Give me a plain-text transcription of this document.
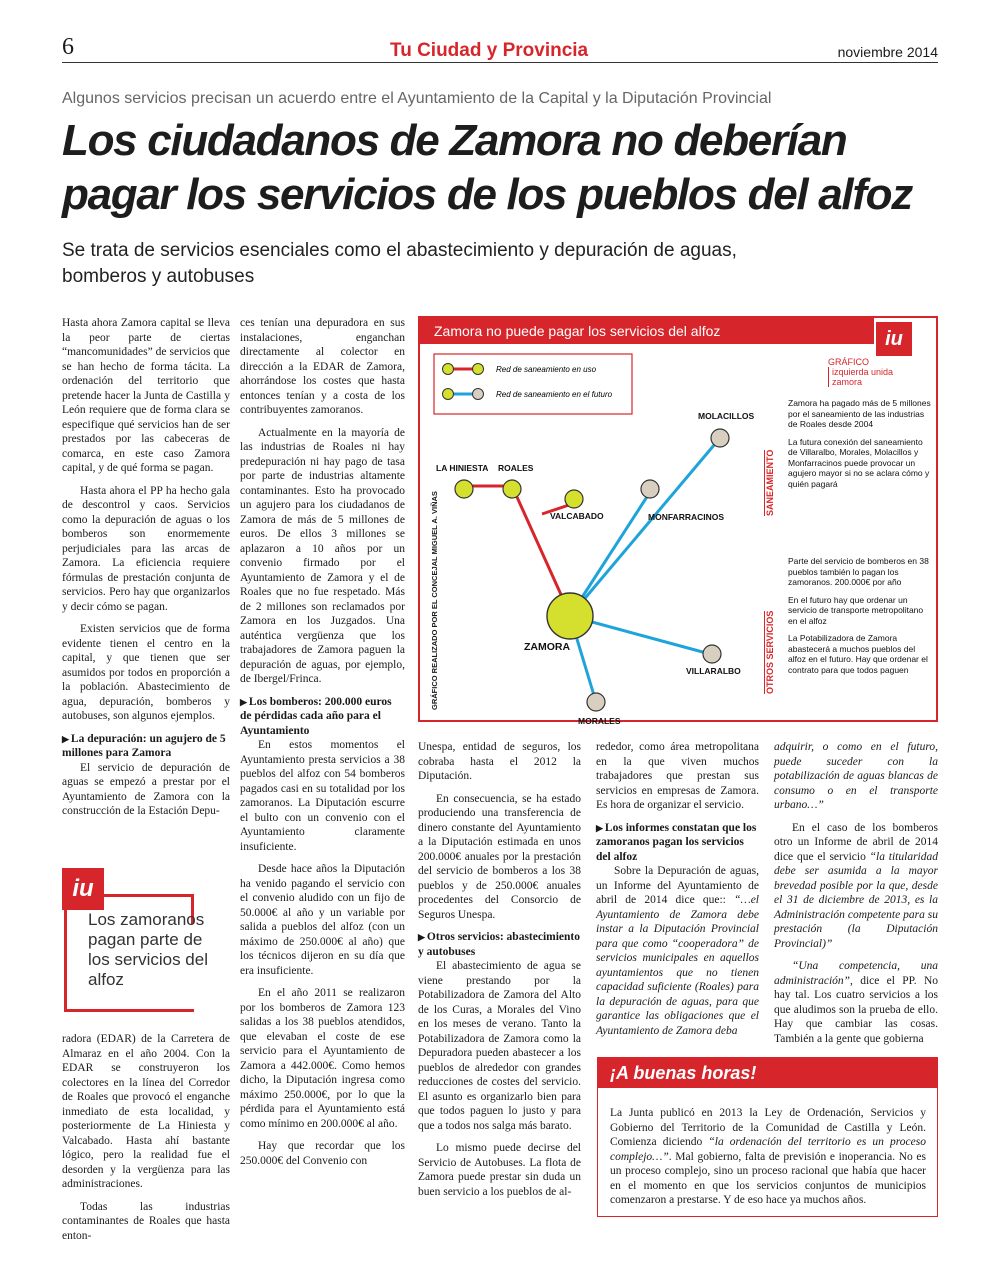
6	Tu Ciudad y Provincia	noviembre 2014
Algunos servicios precisan un acuerdo entre el Ayuntamiento de la Capital y la Diputación Provincial
Los ciudadanos de Zamora no deberían pagar los servicios de los pueblos del alfoz
Se trata de servicios esenciales como el abastecimiento y depuración de aguas, bomberos y autobuses

Hasta ahora Zamora capital se lleva la peor parte de ciertas “mancomunidades” de servicios que se han hecho de forma tácita. La ordenación del territorio que pretende hacer la Junta de Castilla y León requiere que de forma clara se especifique qué servicios han de ser prestados por las cabeceras de comarca, en este caso Zamora capital, y de qué forma se pagan.

Hasta ahora el PP ha hecho gala de descontrol y caos. Servicios como la depuración de aguas o los bomberos son enormemente perjudiciales para las arcas de Zamora. La eficiencia requiere fórmulas de prestación conjunta de servicios. Pero hay que organizarlos y decir cómo se pagan.

Existen servicios que de forma evidente tienen el centro en la capital, y que tienen que ser asumidos por todos en proporción a la población. Abastecimiento de agua, depuración, bomberos y autobuses, son algunos ejemplos.

▶ La depuración: un agujero de 5 millones para Zamora

El servicio de depuración de aguas se empezó a prestar por el Ayuntamiento de Zamora con la construcción de la Estación Depu-

iu
Los zamoranos pagan parte de los servicios del alfoz

radora (EDAR) de la Carretera de Almaraz en el año 2004. Con la EDAR se construyeron los colectores en la línea del Corredor de Roales que provocó el enganche inmediato de esta localidad, y posteriormente de La Hiniesta y Valcabado. Hasta ahí bastante lógico, pero la realidad fue el desorden y la vergüenza para las administraciones.

Todas las industrias contaminantes de Roales que hasta enton-

ces tenían una depuradora en sus instalaciones, enganchan directamente al colector en dirección a la EDAR de Zamora, ahorrándose los costes que hasta entonces tenían y a costa de los contribuyentes zamoranos.

Actualmente en la mayoría de las industrias de Roales ni hay predepuración ni hay pago de tasa por parte de industrias altamente contaminantes. Esto ha provocado un agujero para los ciudadanos de Zamora de más de 5 millones de euros. De ellos 3 millones se aplazaron a 10 años por un convenio firmado por el Ayuntamiento de Zamora y el de Roales que no fue respetado. Más de 2 millones son reclamados por Zamora en los Juzgados. Una auténtica vergüenza que los trabajadores de Zamora paguen la depuración de aguas, por ejemplo, de Ibergel/Frinca.

▶ Los bomberos: 200.000 euros de pérdidas cada año para el Ayuntamiento

En estos momentos el Ayuntamiento presta servicios a 38 pueblos del alfoz con 54 bomberos pagados casi en su totalidad por los zamoranos. La Diputación escurre el bulto con un convenio con el Ayuntamiento claramente insuficiente.

Desde hace años la Diputación ha venido pagando el servicio con el convenio aludido con un fijo de 50.000€ al año y un variable por salida a pueblos del alfoz (con un máximo de 250.000€ al año) que los técnicos dijeron en su día que era insuficiente.

En el año 2011 se realizaron por los bomberos de Zamora 123 salidas a los 38 pueblos atendidos, que elevaban el coste de ese servicio para el Ayuntamiento de Zamora a 442.000€. Como hemos dicho, la Diputación ingresa como máximo 250.000€, por lo que la pérdida para el Ayuntamiento está como mínimo en 200.000€ al año.

Hay que recordar que los 250.000€ del Convenio con

Zamora no puede pagar los servicios del alfoz	iu
GRÁFICOizquierda unida
zamora
Red de saneamiento en uso
Red de saneamiento en el futuro
LA HINIESTA ROALES
VALCABADO
MOLACILLOS
MONFARRACINOS
ZAMORA
VILLARALBO
MORALES
GRÁFICO REALIZADO POR EL CONCEJAL MIGUEL A. VIÑAS
SANEAMIENTO
OTROS SERVICIOS

Zamora ha pagado más de 5 millones por el saneamiento de las industrias de Roales desde 2004

La futura conexión del saneamiento de Villaralbo, Morales, Molacillos y Monfarracinos puede provocar un agujero mayor si no se aclara cómo y quién pagará

Parte del servicio de bomberos en 38 pueblos también lo pagan los zamoranos. 200.000€ por año

En el futuro hay que ordenar un servicio de transporte metropolitano en el alfoz

La Potabilizadora de Zamora abastecerá a muchos pueblos del alfoz en el futuro. Hay que ordenar el contrato para que todos paguen

Unespa, entidad de seguros, los cobraba hasta el 2012 la Diputación.

En consecuencia, se ha estado produciendo una transferencia de dinero constante del Ayuntamiento a la Diputación estimada en unos 200.000€ anuales por la prestación del servicio de bomberos a los 38 pueblos y de 250.000€ anuales procedentes del Consorcio de Seguros Unespa.

▶ Otros servicios: abastecimiento y autobuses

El abastecimiento de agua se viene prestando por la Potabilizadora de Zamora del Alto de los Curas, a Morales del Vino en los meses de verano. Tanto la Potabilizadora de Zamora como la Depuradora pueden abastecer a los pueblos de alrededor con grandes reducciones de costes del servicio. El asunto es organizarlo bien para que todos paguen lo justo y para que a todos nos salga más barato.

Lo mismo puede decirse del Servicio de Autobuses. La flota de Zamora puede prestar sin duda un buen servicio a los pueblos de al-

rededor, como área metropolitana en la que viven muchos trabajadores que prestan sus servicios en empresas de Zamora. Es hora de organizar el servicio.

▶ Los informes constatan que los zamoranos pagan los servicios del alfoz

Sobre la Depuración de aguas, un Informe del Ayuntamiento de abril de 2014 dice que:: “…el Ayuntamiento de Zamora debe instar a la Diputación Provincial para que como “cooperadora” de servicios municipales en aquellos ayuntamientos que no tienen capacidad suficiente (Roales) para la depuración de aguas, para que garantice las obligaciones que el Ayuntamiento de Zamora deba

adquirir, o como en el futuro, puede suceder con la potabilización de aguas blancas de consumo o en el transporte urbano…”

En el caso de los bomberos otro un Informe de abril de 2014 dice que el servicio “la titularidad debe ser asumida a la mayor brevedad posible por la que, desde el 31 de diciembre de 2013, es la Administración competente para su prestación (la Diputación Provincial)”

“Una competencia, una administración”, dice el PP. No hay tal. Los cuatro servicios a los que aludimos son la prueba de ello. Hay que cambiar las cosas. También a la gente que gobierna

¡A buenas horas!

La Junta publicó en 2013 la Ley de Ordenación, Servicios y Gobierno del Territorio de la Comunidad de Castilla y León. Comienza diciendo “la ordenación del territorio es un proceso complejo…”. Mal gobierno, falta de previsión e inoperancia. No es un proceso complejo, sino un proceso racional que había que hacer en el momento en que los servicios conjuntos de municipios comenzaron a prestarse. Y de eso hace ya muchos años.
